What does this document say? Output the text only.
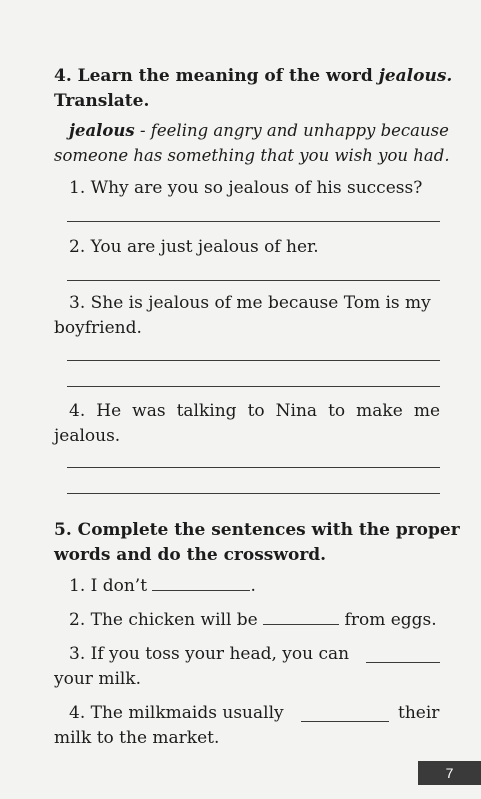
4. Learn the meaning of the word jealous.
Translate.
jealous - feeling angry and unhappy because
someone has something that you wish you had.
1. Why are you so jealous of his success?
2. You are just jealous of her.
3. She is jealous of me because Tom is my
boyfriend.
4. He was talking to Nina to make me
jealous.
5. Complete the sentences with the proper
words and do the crossword.
1. I don’t	.
2. The chicken will be	from eggs.
3. If you toss your head, you can
your milk.
4. The milkmaids usually	their
milk to the market.
7
